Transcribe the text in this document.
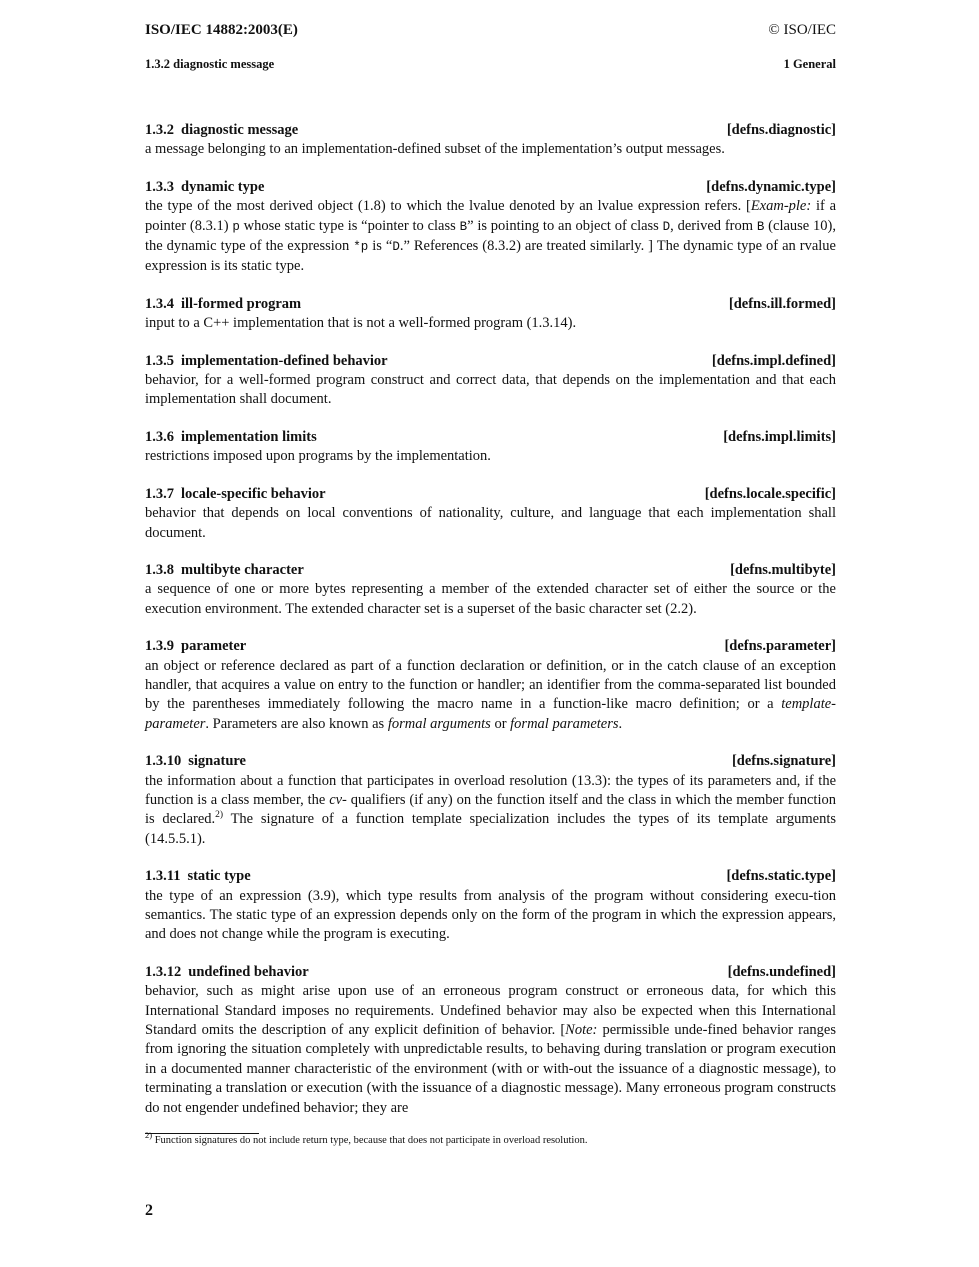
ISO/IEC 14882:2003(E)	© ISO/IEC
1.3.2 diagnostic message	1 General
1.3.2 diagnostic message	[defns.diagnostic]
a message belonging to an implementation-defined subset of the implementation’s output messages.
1.3.3 dynamic type	[defns.dynamic.type]
the type of the most derived object (1.8) to which the lvalue denoted by an lvalue expression refers. [Exam-ple: if a pointer (8.3.1) p whose static type is “pointer to class B” is pointing to an object of class D, derived from B (clause 10), the dynamic type of the expression *p is “D.” References (8.3.2) are treated similarly. ] The dynamic type of an rvalue expression is its static type.
1.3.4 ill-formed program	[defns.ill.formed]
input to a C++ implementation that is not a well-formed program (1.3.14).
1.3.5 implementation-defined behavior	[defns.impl.defined]
behavior, for a well-formed program construct and correct data, that depends on the implementation and that each implementation shall document.
1.3.6 implementation limits	[defns.impl.limits]
restrictions imposed upon programs by the implementation.
1.3.7 locale-specific behavior	[defns.locale.specific]
behavior that depends on local conventions of nationality, culture, and language that each implementation shall document.
1.3.8 multibyte character	[defns.multibyte]
a sequence of one or more bytes representing a member of the extended character set of either the source or the execution environment. The extended character set is a superset of the basic character set (2.2).
1.3.9 parameter	[defns.parameter]
an object or reference declared as part of a function declaration or definition, or in the catch clause of an exception handler, that acquires a value on entry to the function or handler; an identifier from the comma-separated list bounded by the parentheses immediately following the macro name in a function-like macro definition; or a template-parameter. Parameters are also known as formal arguments or formal parameters.
1.3.10 signature	[defns.signature]
the information about a function that participates in overload resolution (13.3): the types of its parameters and, if the function is a class member, the cv- qualifiers (if any) on the function itself and the class in which the member function is declared.$^{2)}$ The signature of a function template specialization includes the types of its template arguments (14.5.5.1).
1.3.11 static type	[defns.static.type]
the type of an expression (3.9), which type results from analysis of the program without considering execu-tion semantics. The static type of an expression depends only on the form of the program in which the expression appears, and does not change while the program is executing.
1.3.12 undefined behavior	[defns.undefined]
behavior, such as might arise upon use of an erroneous program construct or erroneous data, for which this International Standard imposes no requirements. Undefined behavior may also be expected when this International Standard omits the description of any explicit definition of behavior. [Note: permissible unde-fined behavior ranges from ignoring the situation completely with unpredictable results, to behaving during translation or program execution in a documented manner characteristic of the environment (with or with-out the issuance of a diagnostic message), to terminating a translation or execution (with the issuance of a diagnostic message). Many erroneous program constructs do not engender undefined behavior; they are
$^{2)}$ Function signatures do not include return type, because that does not participate in overload resolution.
2
